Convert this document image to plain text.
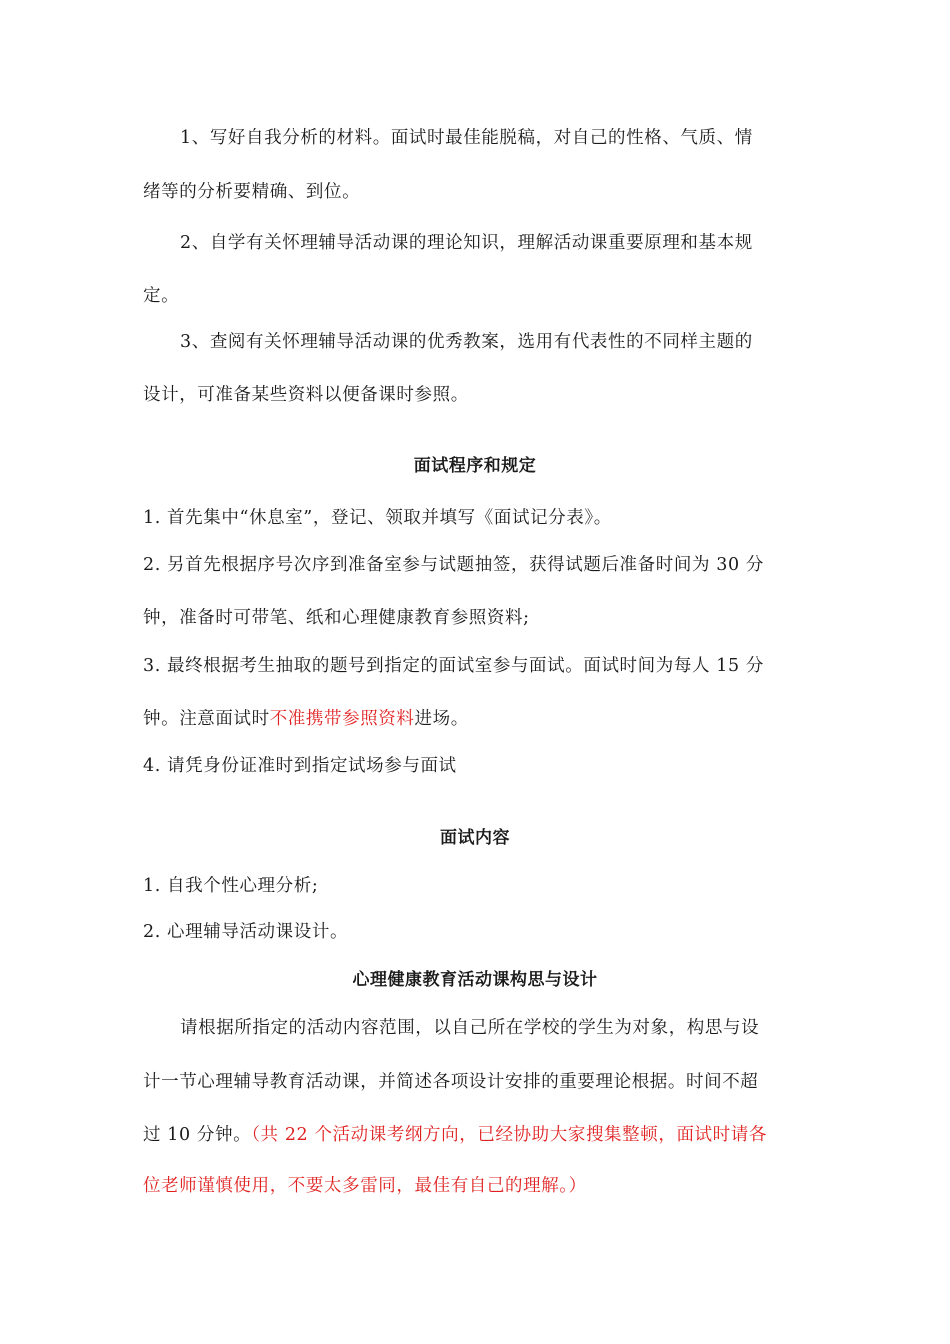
1、写好自我分析的材料。面试时最佳能脱稿，对自己的性格、气质、情
绪等的分析要精确、到位。
2、自学有关怀理辅导活动课的理论知识，理解活动课重要原理和基本规
定。
3、查阅有关怀理辅导活动课的优秀教案，选用有代表性的不同样主题的
设计，可准备某些资料以便备课时参照。
面试程序和规定
1. 首先集中“休息室”，登记、领取并填写《面试记分表》。
2. 另首先根据序号次序到准备室参与试题抽签，获得试题后准备时间为 30 分
钟，准备时可带笔、纸和心理健康教育参照资料;
3. 最终根据考生抽取的题号到指定的面试室参与面试。面试时间为每人 15 分
钟。注意面试时不准携带参照资料进场。
4. 请凭身份证准时到指定试场参与面试
面试内容
1. 自我个性心理分析;
2. 心理辅导活动课设计。
心理健康教育活动课构思与设计
请根据所指定的活动内容范围，以自己所在学校的学生为对象，构思与设
计一节心理辅导教育活动课，并简述各项设计安排的重要理论根据。时间不超
过 10 分钟。（共 22 个活动课考纲方向，已经协助大家搜集整顿，面试时请各
位老师谨慎使用，不要太多雷同，最佳有自己的理解。）
